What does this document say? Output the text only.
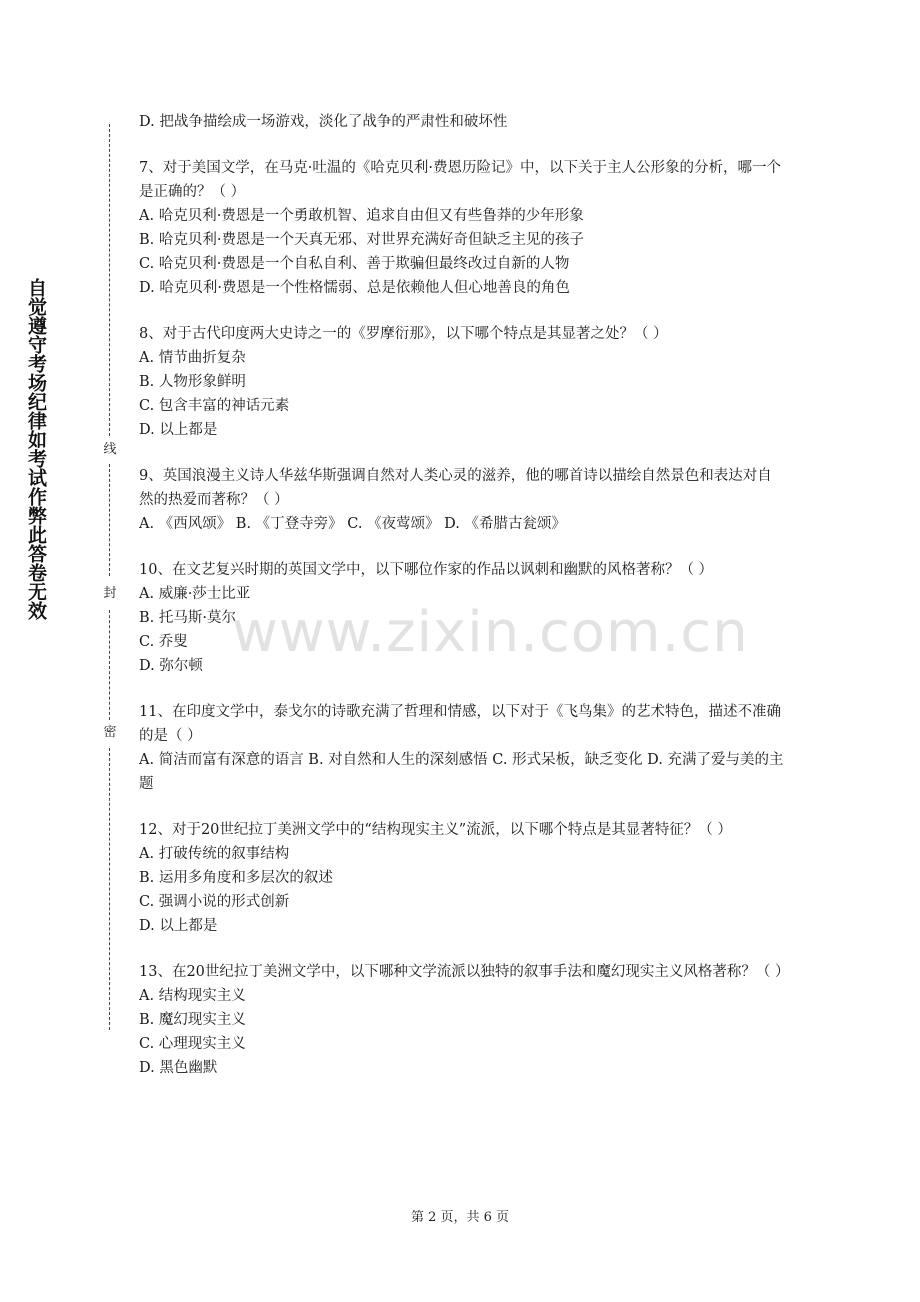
自觉遵守考场纪律如考试作弊此答卷无效	线
封
密
www.zixin.com.cn
D. 把战争描绘成一场游戏，淡化了战争的严肃性和破坏性
7、对于美国文学，在马克·吐温的《哈克贝利·费恩历险记》中，以下关于主人公形象的分析，哪一个是正确的？（ ）
A. 哈克贝利·费恩是一个勇敢机智、追求自由但又有些鲁莽的少年形象
B. 哈克贝利·费恩是一个天真无邪、对世界充满好奇但缺乏主见的孩子
C. 哈克贝利·费恩是一个自私自利、善于欺骗但最终改过自新的人物
D. 哈克贝利·费恩是一个性格懦弱、总是依赖他人但心地善良的角色
8、对于古代印度两大史诗之一的《罗摩衍那》，以下哪个特点是其显著之处？（ ）
A. 情节曲折复杂
B. 人物形象鲜明
C. 包含丰富的神话元素
D. 以上都是
9、英国浪漫主义诗人华兹华斯强调自然对人类心灵的滋养，他的哪首诗以描绘自然景色和表达对自然的热爱而著称？（ ）
A. 《西风颂》 B. 《丁登寺旁》 C. 《夜莺颂》 D. 《希腊古瓮颂》
10、在文艺复兴时期的英国文学中，以下哪位作家的作品以讽刺和幽默的风格著称？（ ）
A. 威廉·莎士比亚
B. 托马斯·莫尔
C. 乔叟
D. 弥尔顿
11、在印度文学中，泰戈尔的诗歌充满了哲理和情感，以下对于《飞鸟集》的艺术特色，描述不准确的是（ ）
A. 简洁而富有深意的语言 B. 对自然和人生的深刻感悟 C. 形式呆板，缺乏变化 D. 充满了爱与美的主题
12、对于20世纪拉丁美洲文学中的“结构现实主义”流派，以下哪个特点是其显著特征？（ ）
A. 打破传统的叙事结构
B. 运用多角度和多层次的叙述
C. 强调小说的形式创新
D. 以上都是
13、在20世纪拉丁美洲文学中，以下哪种文学流派以独特的叙事手法和魔幻现实主义风格著称？（ ）
A. 结构现实主义
B. 魔幻现实主义
C. 心理现实主义
D. 黑色幽默
第 2 页，共 6 页
